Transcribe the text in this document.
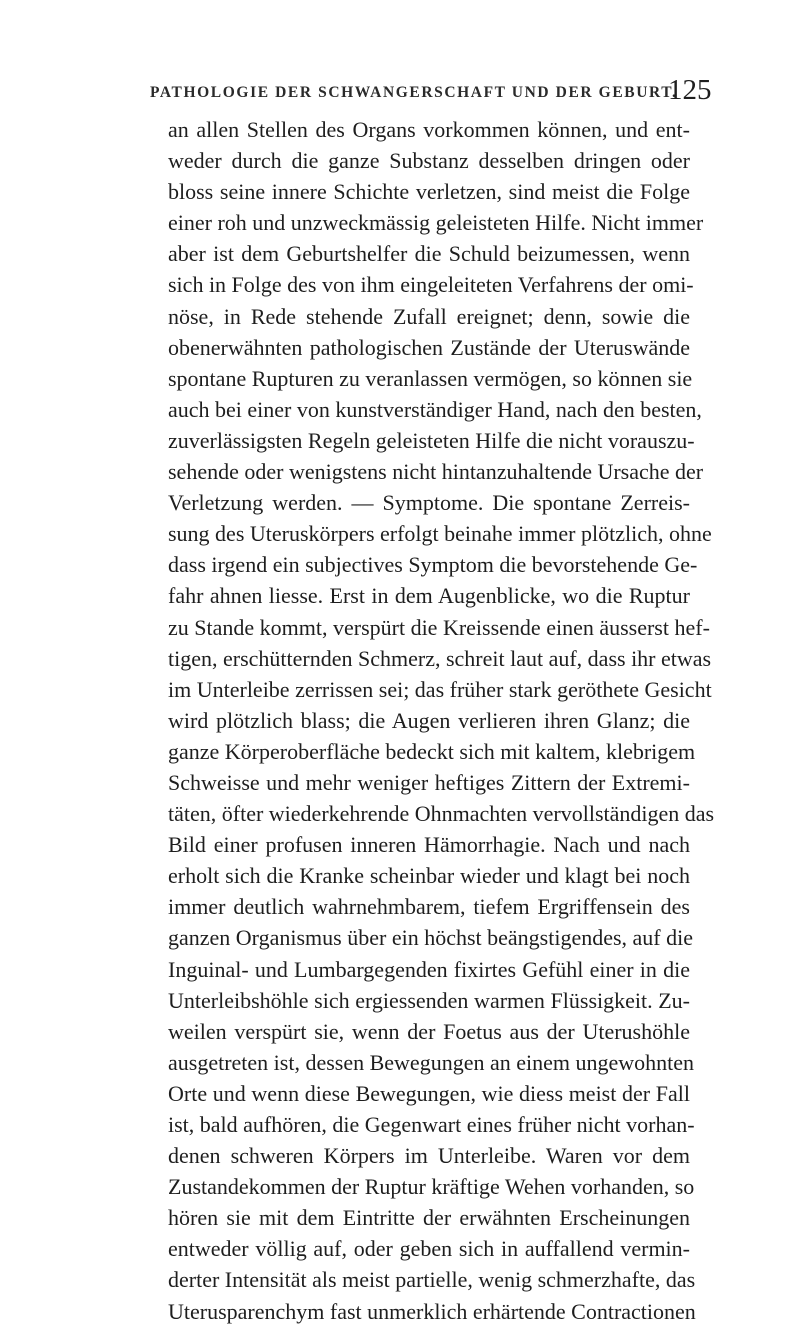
PATHOLOGIE DER SCHWANGERSCHAFT UND DER GEBURT.
125
an allen Stellen des Organs vorkommen können, und ent-
weder durch die ganze Substanz desselben dringen oder
bloss seine innere Schichte verletzen, sind meist die Folge
einer roh und unzweckmässig geleisteten Hilfe. Nicht immer
aber ist dem Geburtshelfer die Schuld beizumessen, wenn
sich in Folge des von ihm eingeleiteten Verfahrens der omi-
nöse, in Rede stehende Zufall ereignet; denn, sowie die
obenerwähnten pathologischen Zustände der Uteruswände
spontane Rupturen zu veranlassen vermögen, so können sie
auch bei einer von kunstverständiger Hand, nach den besten,
zuverlässigsten Regeln geleisteten Hilfe die nicht vorauszu-
sehende oder wenigstens nicht hintanzuhaltende Ursache der
Verletzung werden. — Symptome. Die spontane Zerreis-
sung des Uteruskörpers erfolgt beinahe immer plötzlich, ohne
dass irgend ein subjectives Symptom die bevorstehende Ge-
fahr ahnen liesse. Erst in dem Augenblicke, wo die Ruptur
zu Stande kommt, verspürt die Kreissende einen äusserst hef-
tigen, erschütternden Schmerz, schreit laut auf, dass ihr etwas
im Unterleibe zerrissen sei; das früher stark geröthete Gesicht
wird plötzlich blass; die Augen verlieren ihren Glanz; die
ganze Körperoberfläche bedeckt sich mit kaltem, klebrigem
Schweisse und mehr weniger heftiges Zittern der Extremi-
täten, öfter wiederkehrende Ohnmachten vervollständigen das
Bild einer profusen inneren Hämorrhagie. Nach und nach
erholt sich die Kranke scheinbar wieder und klagt bei noch
immer deutlich wahrnehmbarem, tiefem Ergriffensein des
ganzen Organismus über ein höchst beängstigendes, auf die
Inguinal- und Lumbargegenden fixirtes Gefühl einer in die
Unterleibshöhle sich ergiessenden warmen Flüssigkeit. Zu-
weilen verspürt sie, wenn der Foetus aus der Uterushöhle
ausgetreten ist, dessen Bewegungen an einem ungewohnten
Orte und wenn diese Bewegungen, wie diess meist der Fall
ist, bald aufhören, die Gegenwart eines früher nicht vorhan-
denen schweren Körpers im Unterleibe. Waren vor dem
Zustandekommen der Ruptur kräftige Wehen vorhanden, so
hören sie mit dem Eintritte der erwähnten Erscheinungen
entweder völlig auf, oder geben sich in auffallend vermin-
derter Intensität als meist partielle, wenig schmerzhafte, das
Uterusparenchym fast unmerklich erhärtende Contractionen
